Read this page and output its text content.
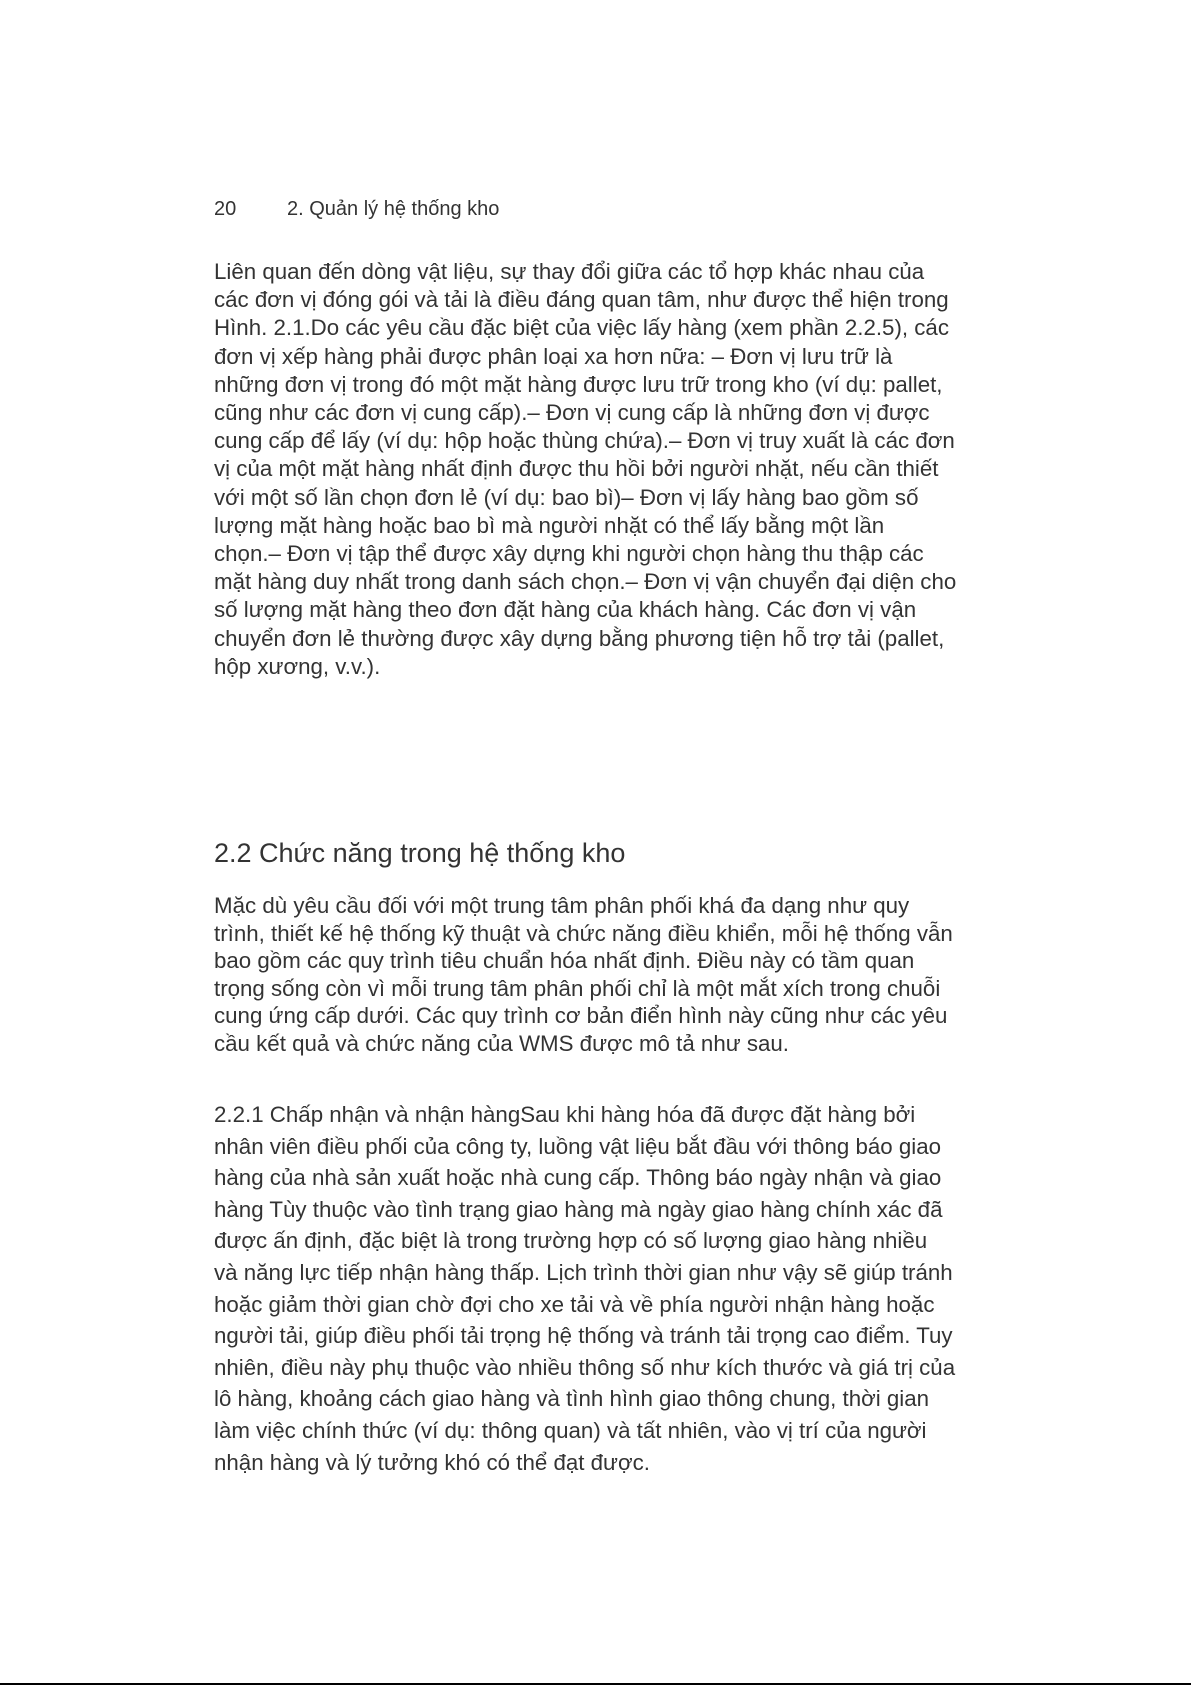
20	2. Quản lý hệ thống kho
Liên quan đến dòng vật liệu, sự thay đổi giữa các tổ hợp khác nhau của
các đơn vị đóng gói và tải là điều đáng quan tâm, như được thể hiện trong
Hình. 2.1.Do các yêu cầu đặc biệt của việc lấy hàng (xem phần 2.2.5), các
đơn vị xếp hàng phải được phân loại xa hơn nữa: – Đơn vị lưu trữ là
những đơn vị trong đó một mặt hàng được lưu trữ trong kho (ví dụ: pallet,
cũng như các đơn vị cung cấp).– Đơn vị cung cấp là những đơn vị được
cung cấp để lấy (ví dụ: hộp hoặc thùng chứa).– Đơn vị truy xuất là các đơn
vị của một mặt hàng nhất định được thu hồi bởi người nhặt, nếu cần thiết
với một số lần chọn đơn lẻ (ví dụ: bao bì)– Đơn vị lấy hàng bao gồm số
lượng mặt hàng hoặc bao bì mà người nhặt có thể lấy bằng một lần
chọn.– Đơn vị tập thể được xây dựng khi người chọn hàng thu thập các
mặt hàng duy nhất trong danh sách chọn.– Đơn vị vận chuyển đại diện cho
số lượng mặt hàng theo đơn đặt hàng của khách hàng. Các đơn vị vận
chuyển đơn lẻ thường được xây dựng bằng phương tiện hỗ trợ tải (pallet,
hộp xương, v.v.).
2.2 Chức năng trong hệ thống kho
Mặc dù yêu cầu đối với một trung tâm phân phối khá đa dạng như quy
trình, thiết kế hệ thống kỹ thuật và chức năng điều khiển, mỗi hệ thống vẫn
bao gồm các quy trình tiêu chuẩn hóa nhất định. Điều này có tầm quan
trọng sống còn vì mỗi trung tâm phân phối chỉ là một mắt xích trong chuỗi
cung ứng cấp dưới. Các quy trình cơ bản điển hình này cũng như các yêu
cầu kết quả và chức năng của WMS được mô tả như sau.
2.2.1 Chấp nhận và nhận hàngSau khi hàng hóa đã được đặt hàng bởi
nhân viên điều phối của công ty, luồng vật liệu bắt đầu với thông báo giao
hàng của nhà sản xuất hoặc nhà cung cấp. Thông báo ngày nhận và giao
hàng Tùy thuộc vào tình trạng giao hàng mà ngày giao hàng chính xác đã
được ấn định, đặc biệt là trong trường hợp có số lượng giao hàng nhiều
và năng lực tiếp nhận hàng thấp. Lịch trình thời gian như vậy sẽ giúp tránh
hoặc giảm thời gian chờ đợi cho xe tải và về phía người nhận hàng hoặc
người tải, giúp điều phối tải trọng hệ thống và tránh tải trọng cao điểm. Tuy
nhiên, điều này phụ thuộc vào nhiều thông số như kích thước và giá trị của
lô hàng, khoảng cách giao hàng và tình hình giao thông chung, thời gian
làm việc chính thức (ví dụ: thông quan) và tất nhiên, vào vị trí của người
nhận hàng và lý tưởng khó có thể đạt được.
